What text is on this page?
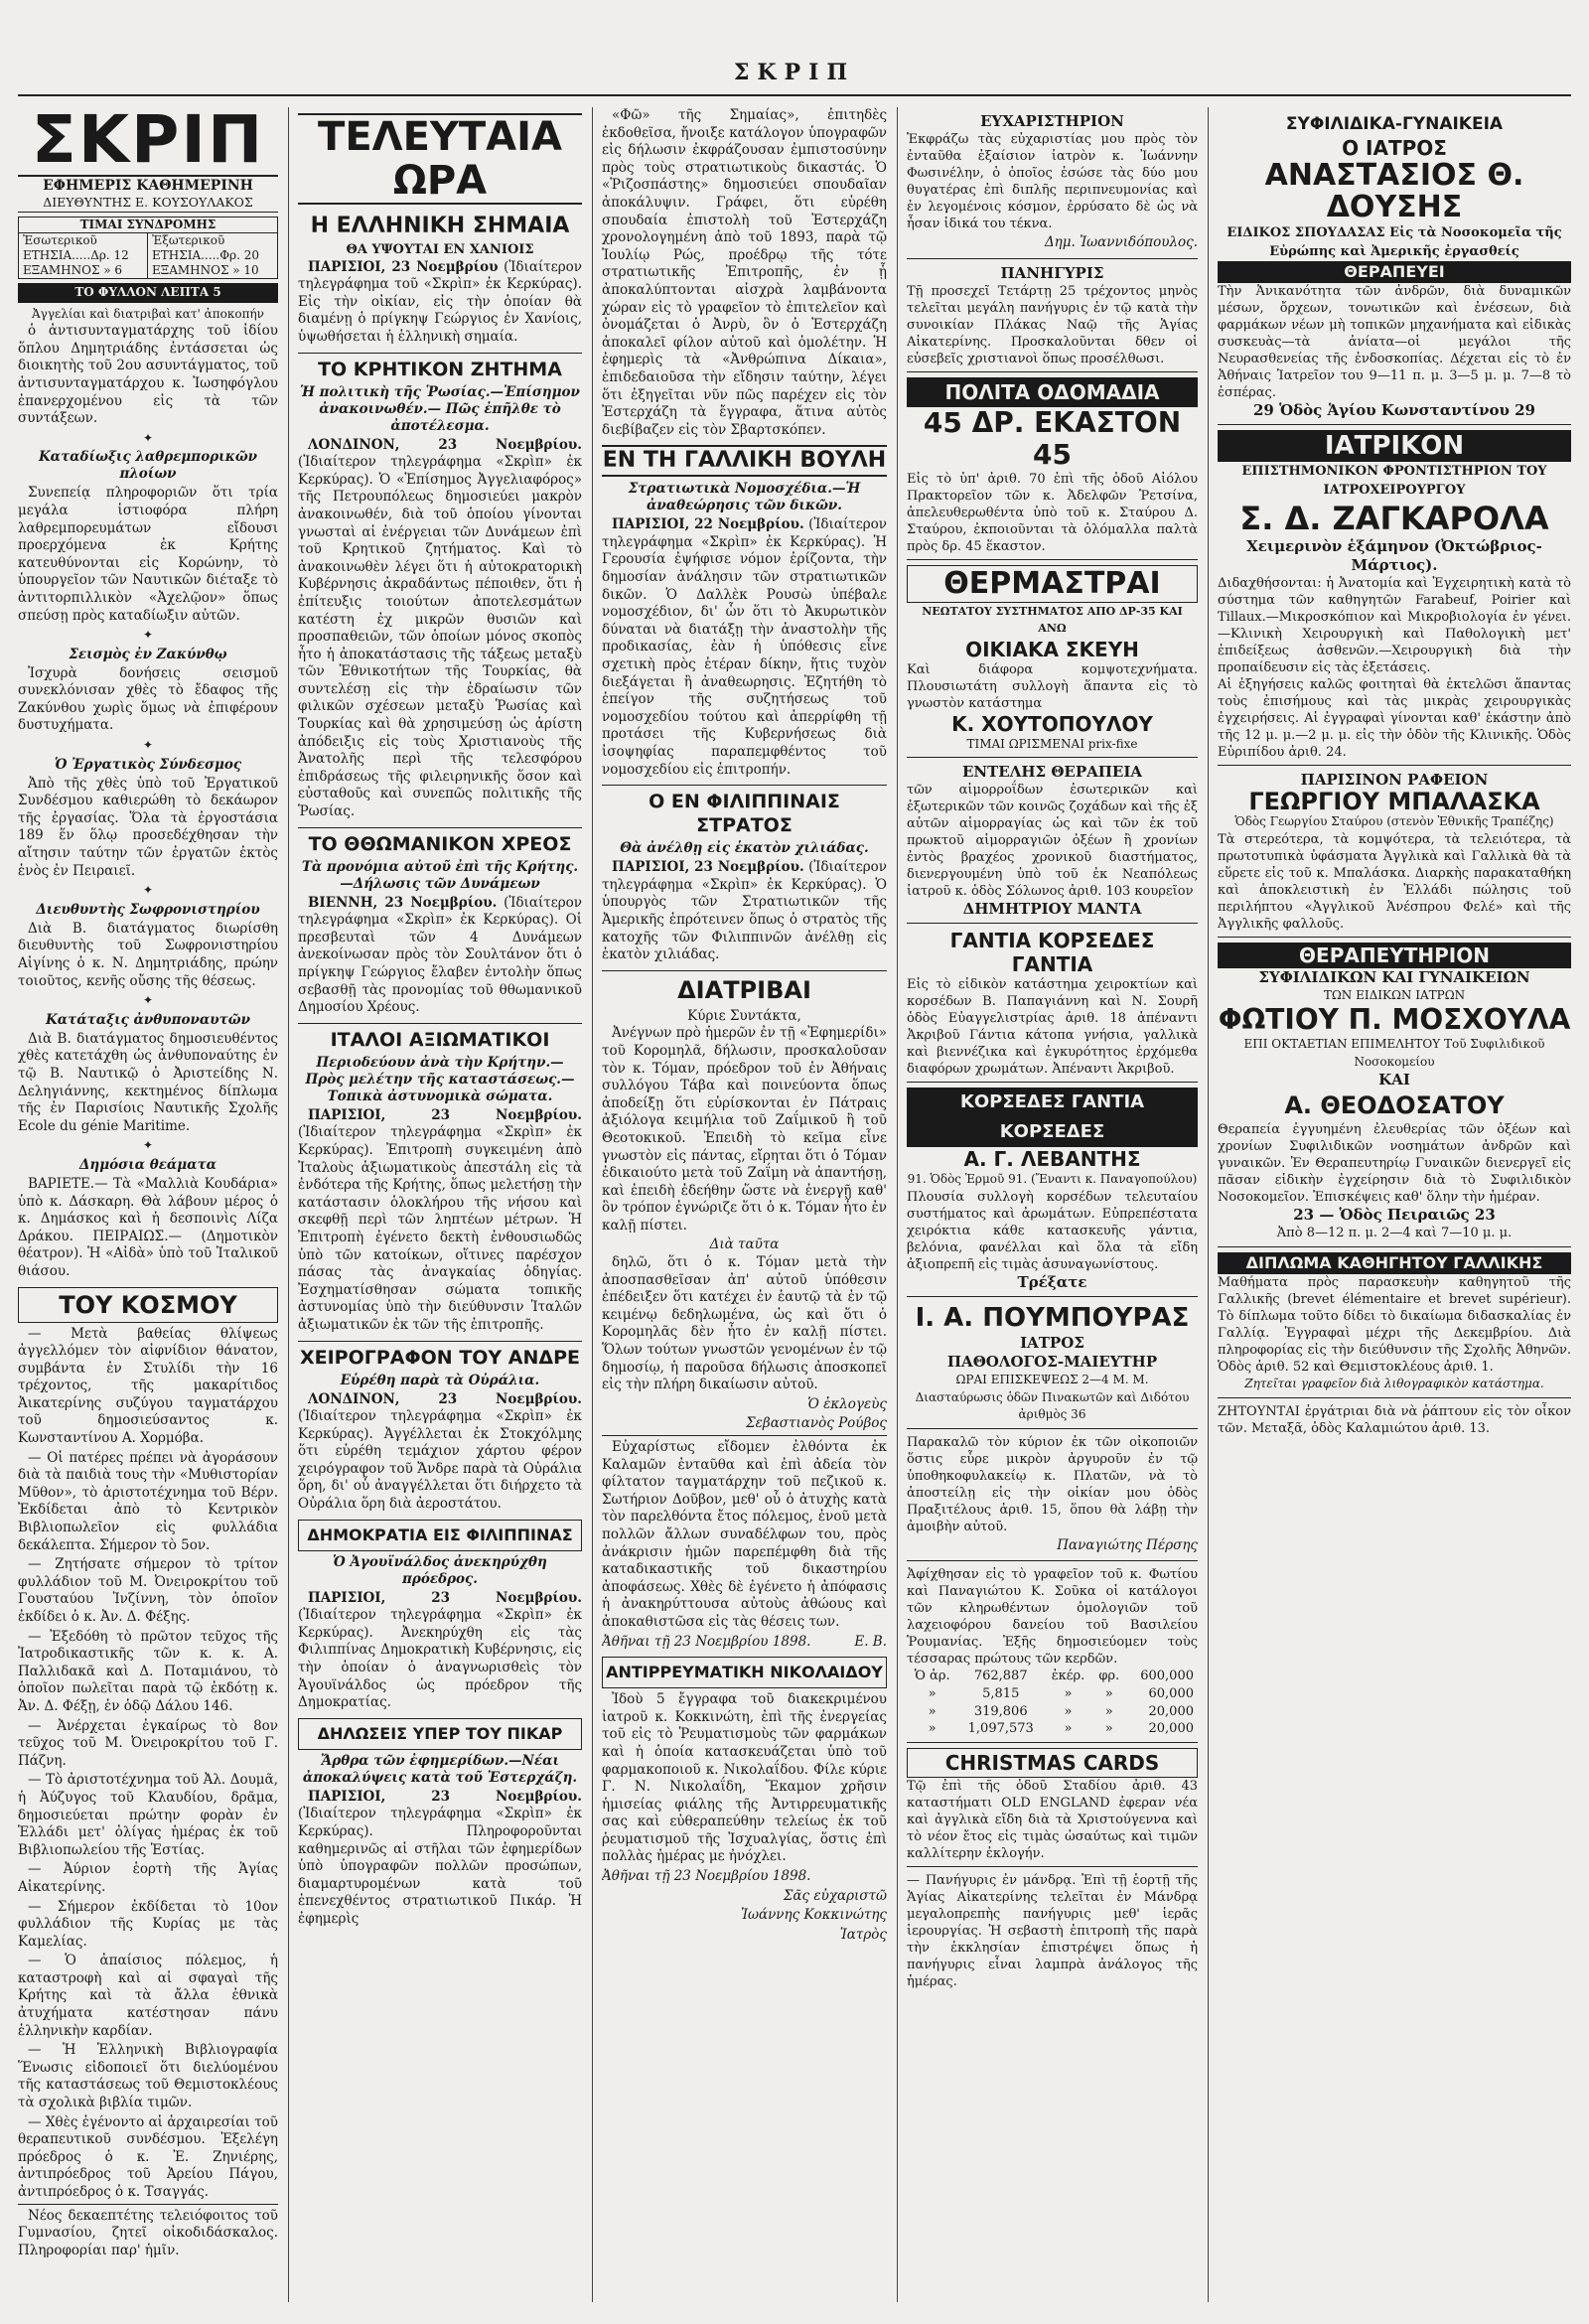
ΣΚΡΙΠ
ΣΚΡΙΠ
ΕΦΗΜΕΡΙΣ ΚΑΘΗΜΕΡΙΝΗ
ΔΙΕΥΘΥΝΤΗΣ Ε. ΚΟΥΣΟΥΛΑΚΟΣ
ΤΙΜΑΙ ΣΥΝΔΡΟΜΗΣ
Ἐσωτερικοῦ	Ἐξωτερικοῦ
ΕΤΗΣΙΑ.....Δρ. 12	ΕΤΗΣΙΑ.....Φρ. 20
ΕΞΑΜΗΝΟΣ » 6	ΕΞΑΜΗΝΟΣ » 10
ΤΟ ΦΥΛΛΟΝ ΛΕΠΤΑ 5
Ἀγγελίαι καὶ διατριβαὶ κατ' ἀποκοπήν

ὁ ἀντισυνταγματάρχης τοῦ ἰδίου ὅπλου Δημητριάδης ἐντάσσεται ὡς διοικητὴς τοῦ 2ου ασυντάγματος, τοῦ ἀντισυνταγματάρχου κ. Ἰωσηφόγλου ἐπανερχομένου εἰς τὰ τῶν συντάξεων.

✦
Καταδίωξις λαθρεμπορικῶν πλοίων

Συνεπείᾳ πληροφοριῶν ὅτι τρία μεγάλα ἱστιοφόρα πλήρη λαθρεμπορευμάτων εἴδουσι προερχόμενα ἐκ Κρήτης κατευθύνονται εἰς Κορώνην, τὸ ὑπουργεῖον τῶν Ναυτικῶν διέταξε τὸ ἀντιτορπιλλικὸν «Ἀχελῷον» ὅπως σπεύσῃ πρὸς καταδίωξιν αὐτῶν.

✦
Σεισμὸς ἐν Ζακύνθῳ

Ἰσχυρὰ δονήσεις σεισμοῦ συνεκλόνισαν χθὲς τὸ ἔδαφος τῆς Ζακύνθου χωρὶς ὅμως νὰ ἐπιφέρουν δυστυχήματα.

✦
Ὁ Ἐργατικὸς Σύνδεσμος

Ἀπὸ τῆς χθὲς ὑπὸ τοῦ Ἐργατικοῦ Συνδέσμου καθιερώθη τὸ δεκάωρον τῆς ἐργασίας. Ὅλα τὰ ἐργοστάσια 189 ἕν ὅλῳ προσεδέχθησαν τὴν αἴτησιν ταύτην τῶν ἐργατῶν ἐκτὸς ἑνὸς ἐν Πειραιεῖ.

✦
Διευθυντὴς Σωφρονιστηρίου

Διὰ Β. διατάγματος διωρίσθη διευθυντὴς τοῦ Σωφρονιστηρίου Αἰγίνης ὁ κ. Ν. Δημητριάδης, πρώην τοιοῦτος, κενῆς οὔσης τῆς θέσεως.

✦
Κατάταξις ἀνθυποναυτῶν

Διὰ Β. διατάγματος δημοσιευθέντος χθὲς κατετάχθη ὡς ἀνθυποναύτης ἐν τῷ Β. Ναυτικῷ ὁ Ἀριστείδης Ν. Δεληγιάννης, κεκτημένος δίπλωμα τῆς ἐν Παρισίοις Ναυτικῆς Σχολῆς Ecole du génie Maritime.

✦
Δημόσια θεάματα

ΒΑΡΙΕΤΕ.— Τὰ «Μαλλιὰ Κουδάρια» ὑπὸ κ. Δάσκαρη. Θὰ λάβουν μέρος ὁ κ. Δημάσκος καὶ ἡ δεσποινὶς Λίζα Δράκου. ΠΕΙΡΑΙΩΣ.— (Δημοτικὸν θέατρον). Ἡ «Αἰδὰ» ὑπὸ τοῦ Ἰταλικοῦ θιάσου.

ΤΟΥ ΚΟΣΜΟΥ

— Μετὰ βαθείας θλίψεως ἀγγελλόμεν τὸν αἰφνίδιον θάνατον, συμβάντα ἐν Στυλίδι τὴν 16 τρέχοντος, τῆς μακαρίτιδος Ἀικατερίνης συζύγου ταγματάρχου τοῦ δημοσιεύσαντος κ. Κωνσταντίνου Α. Χορμόβα.

— Οἱ πατέρες πρέπει νὰ ἀγοράσουν διὰ τὰ παιδιὰ τους τὴν «Μυθιστορίαν Μῦθον», τὸ ἀριστοτέχνημα τοῦ Βέρν. Ἐκδίδεται ἀπὸ τὸ Κεντρικὸν Βιβλιοπωλεῖον εἰς φυλλάδια δεκάλεπτα. Σήμερον τὸ 5ον.

— Ζητήσατε σήμερον τὸ τρίτον φυλλάδιον τοῦ Μ. Ὀνειροκρίτου τοῦ Γουσταύου Ἰνζίννη, τὸν ὁποῖον ἐκδίδει ὁ κ. Ἀν. Δ. Φέξης.

— Ἐξεδόθη τὸ πρῶτον τεῦχος τῆς Ἰατροδικαστικῆς τῶν κ. κ. Α. Παλλιδακᾶ καὶ Δ. Ποταμιάνου, τὸ ὁποῖον πωλεῖται παρὰ τῷ ἐκδότῃ κ. Ἀν. Δ. Φέξῃ, ἐν ὁδῷ Δάλου 146.

— Ἀνέρχεται ἐγκαίρως τὸ 8ον τεῦχος τοῦ Μ. Ὀνειροκρίτου τοῦ Γ. Πάζνη.

— Τὸ ἀριστοτέχνημα τοῦ Ἀλ. Δουμᾶ, ἡ Ἀύζυγος τοῦ Κλαυδίου, δρᾶμα, δημοσιεύεται πρώτην φορὰν ἐν Ἑλλάδι μετ' ὀλίγας ἡμέρας ἐκ τοῦ Βιβλιοπωλείου τῆς Ἑστίας.

— Ἀύριον ἑορτὴ τῆς Ἁγίας Αἰκατερίνης.

— Σήμερον ἐκδίδεται τὸ 10ον φυλλάδιον τῆς Κυρίας με τὰς Καμελίας.

— Ὁ ἀπαίσιος πόλεμος, ἡ καταστροφὴ καὶ αἱ σφαγαὶ τῆς Κρήτης καὶ τὰ ἄλλα ἐθνικὰ ἀτυχήματα κατέστησαν πάνυ ἑλληνικὴν καρδίαν.

— Ἡ Ἑλληνικὴ Βιβλιογραφία Ἕνωσις εἰδοποιεῖ ὅτι διελύομένου τῆς καταστάσεως τοῦ Θεμιστοκλέους τὰ σχολικὰ βιβλία τιμῶν.

— Χθὲς ἐγένοντο αἱ ἀρχαιρεσίαι τοῦ θεραπευτικοῦ συνδέσμου. Ἐξελέγη πρόεδρος ὁ κ. Ἐ. Ζηνιέρης, ἀντιπρόεδρος τοῦ Ἀρείου Πάγου, ἀντιπρόεδρος ὁ κ. Τσαγγάς.

Νέος δεκαεπτέτης τελειόφοιτος τοῦ Γυμνασίου, ζητεῖ οἰκοδιδάσκαλος. Πληροφορίαι παρ' ἡμῖν.

ΤΕΛΕΥΤΑΙΑ ΩΡΑ
Η ΕΛΛΗΝΙΚΗ ΣΗΜΑΙΑ
ΘΑ ΥΨΟΥΤΑΙ ΕΝ ΧΑΝΙΟΙΣ

ΠΑΡΙΣΙΟΙ, 23 Νοεμβρίου (Ἰδιαίτερον τηλεγράφημα τοῦ «Σκρὶπ» ἐκ Κερκύρας). Εἰς τὴν οἰκίαν, εἰς τὴν ὁποίαν θὰ διαμένῃ ὁ πρίγκηψ Γεώργιος ἐν Χανίοις, ὑψωθήσεται ἡ ἑλληνικὴ σημαία.

ΤΟ ΚΡΗΤΙΚΟΝ ΖΗΤΗΜΑ
Ἡ πολιτικὴ τῆς Ῥωσίας.—Ἐπίσημον ἀνακοινωθέν.— Πῶς ἐπῆλθε τὸ ἀποτέλεσμα.

ΛΟΝΔΙΝΟΝ, 23 Νοεμβρίου. (Ἰδιαίτερον τηλεγράφημα «Σκρὶπ» ἐκ Κερκύρας). Ὁ «Ἐπίσημος Ἀγγελιαφόρος» τῆς Πετρουπόλεως δημοσιεύει μακρὸν ἀνακοινωθέν, διὰ τοῦ ὁποίου γίνονται γνωσταὶ αἱ ἐνέργειαι τῶν Δυνάμεων ἐπὶ τοῦ Κρητικοῦ ζητήματος. Καὶ τὸ ἀνακοινωθὲν λέγει ὅτι ἡ αὐτοκρατορικὴ Κυβέρνησις ἀκραδάντως πέποιθεν, ὅτι ἡ ἐπίτευξις τοιούτων ἀποτελεσμάτων κατέστη ἐχ μικρῶν θυσιῶν καὶ προσπαθειῶν, τῶν ὁποίων μόνος σκοπὸς ἦτο ἡ ἀποκατάστασις τῆς τάξεως μεταξὺ τῶν Ἐθνικοτήτων τῆς Τουρκίας, θὰ συντελέσῃ εἰς τὴν ἑδραίωσιν τῶν φιλικῶν σχέσεων μεταξὺ Ῥωσίας καὶ Τουρκίας καὶ θὰ χρησιμεύσῃ ὡς ἀρίστη ἀπόδειξις εἰς τοὺς Χριστιανοὺς τῆς Ἀνατολῆς περὶ τῆς τελεσφόρου ἐπιδράσεως τῆς φιλειρηνικῆς ὅσον καὶ εὐσταθοῦς καὶ συνεπῶς πολιτικῆς τῆς Ῥωσίας.

ΤΟ ΘΘΩΜΑΝΙΚΟΝ ΧΡΕΟΣ
Τὰ προνόμια αὐτοῦ ἐπὶ τῆς Κρήτης.—Δήλωσις τῶν Δυνάμεων

ΒΙΕΝΝΗ, 23 Νοεμβρίου. (Ἰδιαίτερον τηλεγράφημα «Σκρὶπ» ἐκ Κερκύρας). Οἱ πρεσβευταὶ τῶν 4 Δυνάμεων ἀνεκοίνωσαν πρὸς τὸν Σουλτάνον ὅτι ὁ πρίγκηψ Γεώργιος ἔλαβεν ἐντολὴν ὅπως σεβασθῇ τὰς προνομίας τοῦ θθωμανικοῦ Δημοσίου Χρέους.

ΙΤΑΛΟΙ ΑΞΙΩΜΑΤΙΚΟΙ
Περιοδεύουν ἀνὰ τὴν Κρήτην.—Πρὸς μελέτην τῆς καταστάσεως.—Τοπικὰ ἀστυνομικὰ σώματα.

ΠΑΡΙΣΙΟΙ, 23 Νοεμβρίου. (Ἰδιαίτερον τηλεγράφημα «Σκρὶπ» ἐκ Κερκύρας). Ἐπιτροπὴ συγκειμένη ἀπὸ Ἰταλοὺς ἀξιωματικοὺς ἀπεστάλη εἰς τὰ ἐνδότερα τῆς Κρήτης, ὅπως μελετήσῃ τὴν κατάστασιν ὁλοκλήρου τῆς νήσου καὶ σκεφθῇ περὶ τῶν ληπτέων μέτρων. Ἡ Ἐπιτροπὴ ἐγένετο δεκτὴ ἐνθουσιωδῶς ὑπὸ τῶν κατοίκων, οἵτινες παρέσχον πάσας τὰς ἀναγκαίας ὁδηγίας. Ἐσχηματίσθησαν σώματα τοπικῆς ἀστυνομίας ὑπὸ τὴν διεύθυνσιν Ἰταλῶν ἀξιωματικῶν ἐκ τῶν τῆς ἐπιτροπῆς.

ΧΕΙΡΟΓΡΑΦΟΝ ΤΟΥ ΑΝΔΡΕ
Εὑρέθη παρὰ τὰ Οὐράλια.

ΛΟΝΔΙΝΟΝ, 23 Νοεμβρίου. (Ἰδιαίτερον τηλεγράφημα «Σκρὶπ» ἐκ Κερκύρας). Ἀγγέλλεται ἐκ Στοκχόλμης ὅτι εὑρέθη τεμάχιον χάρτου φέρον χειρόγραφον τοῦ Ἄνδρε παρὰ τὰ Οὐράλια ὅρη, δι' οὗ ἀναγγέλλεται ὅτι διήρχετο τὰ Οὐράλια ὅρη διὰ ἀεροστάτου.

ΔΗΜΟΚΡΑΤΙΑ ΕΙΣ ΦΙΛΙΠΠΙΝΑΣ
Ὁ Ἀγουϊνάλδος ἀνεκηρύχθη πρόεδρος.

ΠΑΡΙΣΙΟΙ, 23 Νοεμβρίου. (Ἰδιαίτερον τηλεγράφημα «Σκρὶπ» ἐκ Κερκύρας). Ἀνεκηρύχθη εἰς τὰς Φιλιππίνας Δημοκρατικὴ Κυβέρνησις, εἰς τὴν ὁποίαν ὁ ἀναγνωρισθεὶς τὸν Ἀγουϊνάλδος ὡς πρόεδρον τῆς Δημοκρατίας.

ΔΗΛΩΣΕΙΣ ΥΠΕΡ ΤΟΥ ΠΙΚΑΡ
Ἄρθρα τῶν ἐφημερίδων.—Νέαι ἀποκαλύψεις κατὰ τοῦ Ἐστερχάζη.

ΠΑΡΙΣΙΟΙ, 23 Νοεμβρίου. (Ἰδιαίτερον τηλεγράφημα «Σκρὶπ» ἐκ Κερκύρας). Πληροφοροῦνται καθημερινῶς αἱ στῆλαι τῶν ἐφημερίδων ὑπὸ ὑπογραφῶν πολλῶν προσώπων, διαμαρτυρομένων κατὰ τοῦ ἐπενεχθέντος στρατιωτικοῦ Πικάρ. Ἡ ἐφημερὶς

«Φῶ» τῆς Σημαίας», ἐπιτηδὲς ἐκδοθεῖσα, ἤνοιξε κατάλογον ὑπογραφῶν εἰς δήλωσιν ἐκφράζουσαν ἐμπιστοσύνην πρὸς τοὺς στρατιωτικοὺς δικαστάς. Ὁ «Ῥιζοσπάστης» δημοσιεύει σπουδαῖαν ἀποκάλυψιν. Γράφει, ὅτι εὑρέθη σπουδαία ἐπιστολὴ τοῦ Ἐστερχάζη χρονολογημένη ἀπὸ τοῦ 1893, παρὰ τῷ Ἰουλίῳ Ρώς, προέδρῳ τῆς τότε στρατιωτικῆς Ἐπιτροπῆς, ἐν ᾗ ἀποκαλύπτονται αἰσχρὰ λαμβάνοντα χώραν εἰς τὸ γραφεῖον τὸ ἐπιτελεῖον καὶ ὀνομάζεται ὁ Ἀνρὺ, ὃν ὁ Ἐστερχάζη ἀποκαλεῖ φίλον αὐτοῦ καὶ ὁμολέτην. Ἡ ἐφημερὶς τὰ «Ἀνθρώπινα Δίκαια», ἐπιδεδαιοῦσα τὴν εἴδησιν ταύτην, λέγει ὅτι ἐξηγεῖται νῦν πῶς παρέχεν εἰς τὸν Ἐστερχάζη τὰ ἔγγραφα, ἅτινα αὐτὸς διεβίβαζεν εἰς τὸν Σβαρτσκόπεν.

ΕΝ ΤΗ ΓΑΛΛΙΚΗ ΒΟΥΛΗ
Στρατιωτικὰ Νομοσχέδια.—Ἡ ἀναθεώρησις τῶν δικῶν.

ΠΑΡΙΣΙΟΙ, 22 Νοεμβρίου. (Ἰδιαίτερον τηλεγράφημα «Σκρὶπ» ἐκ Κερκύρας). Ἡ Γερουσία ἐψήφισε νόμον ἐρίζοντα, τὴν δημοσίαν ἀνάλησιν τῶν στρατιωτικῶν δικῶν. Ὁ Δαλλὲκ Ρουσὼ ὑπέβαλε νομοσχέδιον, δι' ὧν ὅτι τὸ Ἀκυρωτικὸν δύναται νὰ διατάξῃ τὴν ἀναστολὴν τῆς προδικασίας, ἐὰν ἡ ὑπόθεσις εἶνε σχετικὴ πρὸς ἑτέραν δίκην, ἥτις τυχὸν διεξάγεται ἢ ἀναθεωρησις. Ἐζητήθη τὸ ἐπείγον τῆς συζητήσεως τοῦ νομοσχεδίου τούτου καὶ ἀπερρίφθη τῇ προτάσει τῆς Κυβερνήσεως διὰ ἰσοψηφίας παραπεμφθέντος τοῦ νομοσχεδίου εἰς ἐπιτροπήν.

Ο ΕΝ ΦΙΛΙΠΠΙΝΑΙΣ ΣΤΡΑΤΟΣ
Θὰ ἀνέλθῃ εἰς ἑκατὸν χιλιάδας.

ΠΑΡΙΣΙΟΙ, 23 Νοεμβρίου. (Ἰδιαίτερον τηλεγράφημα «Σκρὶπ» ἐκ Κερκύρας). Ὁ ὑπουργὸς τῶν Στρατιωτικῶν τῆς Ἀμερικῆς ἐπρότεινεν ὅπως ὁ στρατὸς τῆς κατοχῆς τῶν Φιλιππινῶν ἀνέλθῃ εἰς ἑκατὸν χιλιάδας.

ΔΙΑΤΡΙΒΑΙ
Κύριε Συντάκτα,

Ἀνέγνων πρὸ ἡμερῶν ἐν τῇ «Ἐφημερίδι» τοῦ Κορομηλᾶ, δήλωσιν, προσκαλοῦσαν τὸν κ. Τόμαν, πρόεδρον τοῦ ἐν Ἀθήναις συλλόγου Τάβα καὶ ποινεύοντα ὅπως ἀποδείξῃ ὅτι εὑρίσκονται ἐν Πάτραις ἀξιόλογα κειμήλια τοῦ Ζαΐμικοῦ ἢ τοῦ Θεοτοκικοῦ. Ἐπειδὴ τὸ κεῖμα εἶνε γνωστὸν εἰς πάντας, εἴρηται ὅτι ὁ Τόμαν ἐδικαιούτο μετὰ τοῦ Ζαΐμη νὰ ἀπαντήσῃ, καὶ ἐπειδὴ ἐδεήθην ὥστε νὰ ἐνεργῇ καθ' ὃν τρόπον ἐγνώριζε ὅτι ὁ κ. Τόμαν ἦτο ἐν καλῇ πίστει.

Διὰ ταῦτα

δηλῶ, ὅτι ὁ κ. Τόμαν μετὰ τὴν ἀποσπασθεῖσαν ἀπ' αὐτοῦ ὑπόθεσιν ἐπέδειξεν ὅτι κατέχει ἐν ἑαυτῷ τὰ ἐν τῷ κειμένῳ δεδηλωμένα, ὡς καὶ ὅτι ὁ Κορομηλᾶς δὲν ἦτο ἐν καλῇ πίστει. Ὅλων τούτων γνωστῶν γενομένων ἐν τῷ δημοσίῳ, ἡ παροῦσα δήλωσις ἀποσκοπεῖ εἰς τὴν πλήρη δικαίωσιν αὐτοῦ.

Ὁ ἐκλογεὺς
Σεβαστιανὸς Ρούβος

Εὐχαρίστως εἴδομεν ἐλθόντα ἐκ Καλαμῶν ἐνταῦθα καὶ ἐπὶ ἀδεία τὸν φίλτατον ταγματάρχην τοῦ πεζικοῦ κ. Σωτήριον Δοῦβον, μεθ' οὗ ὁ ἀτυχὴς κατὰ τὸν παρελθόντα ἔτος πόλεμος, ἐνοῦ μετὰ πολλῶν ἄλλων συναδέλφων του, πρὸς ἀνάκρισιν ἡμῶν παρεπέμφθη διὰ τῆς καταδικαστικῆς τοῦ δικαστηρίου ἀποφάσεως. Χθὲς δὲ ἐγένετο ἡ ἀπόφασις ἡ ἀνακηρύττουσα αὐτοὺς ἀθώους καὶ ἀποκαθιστῶσα εἰς τὰς θέσεις των.

Ἀθῆναι τῇ 23 Νοεμβρίου 1898.	Ε. Β.
ΑΝΤΙΡΡΕΥΜΑΤΙΚΗ ΝΙΚΟΛΑΙΔΟΥ

Ἰδοὺ 5 ἔγγραφα τοῦ διακεκριμένου ἰατροῦ κ. Κοκκινώτη, ἐπὶ τῆς ἐνεργείας τοῦ εἰς τὸ Ῥευματισμοὺς τῶν φαρμάκων καὶ ἡ ὁποία κατασκευάζεται ὑπὸ τοῦ φαρμακοποιοῦ κ. Νικολαΐδου. Φίλε κύριε Γ. Ν. Νικολαΐδη, Ἔκαμον χρῆσιν ἡμισείας φιάλης τῆς Ἀντιρρευματικῆς σας καὶ εὐθεραπεύθην τελείως ἐκ τοῦ ῥευματισμοῦ τῆς Ἰσχυαλγίας, ὅστις ἐπὶ πολλὰς ἡμέρας με ἠνόχλει.

Ἀθῆναι τῇ 23 Νοεμβρίου 1898.
Σᾶς εὐχαριστῶ
Ἰωάννης Κοκκινώτης
Ἰατρὸς
ΕΥΧΑΡΙΣΤΗΡΙΟΝ
Ἐκφράζω τὰς εὐχαριστίας μου πρὸς τὸν ἐνταῦθα ἐξαίσιον ἰατρὸν κ. Ἰωάννην Φωσινέλην, ὁ ὁποῖος ἐσώσε τὰς δύο μου θυγατέρας ἐπὶ διπλῆς περιπνευμονίας καὶ ἐν λεγομένοις κόσμον, ἐρρύσατο δὲ ὡς νὰ ἦσαν ἰδικά του τέκνα.
Δημ. Ἰωαννιδόπουλος.
ΠΑΝΗΓΥΡΙΣ
Τῇ προσεχεῖ Τετάρτῃ 25 τρέχοντος μηνὸς τελεῖται μεγάλη πανήγυρις ἐν τῷ κατὰ τὴν συνοικίαν Πλάκας Ναῷ τῆς Ἁγίας Αἰκατερίνης. Προσκαλοῦνται δθεν οἱ εὐσεβεῖς χριστιανοὶ ὅπως προσέλθωσι.
ΠΟΛΙΤΑ ΟΔΟΜΑΔΙΑ
45 ΔΡ. ΕΚΑΣΤΟΝ 45
Εἰς τὸ ὑπ' ἀριθ. 70 ἐπὶ τῆς ὁδοῦ Αἰόλου Πρακτορεῖον τῶν κ. Ἀδελφῶν Ῥετσίνα, ἀπελευθερωθέντα ὑπὸ τοῦ κ. Σταύρου Δ. Σταύρου, ἐκποιοῦνται τὰ ὁλόμαλλα παλτὰ πρὸς δρ. 45 ἕκαστον.
ΘΕΡΜΑΣΤΡΑΙ
ΝΕΩΤΑΤΟΥ ΣΥΣΤΗΜΑΤΟΣ ΑΠΟ ΔΡ-35 ΚΑΙ ΑΝΩ
ΟΙΚΙΑΚΑ ΣΚΕΥΗ
Καὶ διάφορα κομψοτεχνήματα. Πλουσιωτάτη συλλογὴ ἅπαντα εἰς τὸ γνωστὸν κατάστημα
Κ. ΧΟΥΤΟΠΟΥΛΟΥ
ΤΙΜΑΙ ΩΡΙΣΜΕΝΑΙ prix-fixe
ΕΝΤΕΛΗΣ ΘΕΡΑΠΕΙΑ
τῶν αἱμορροΐδων ἐσωτερικῶν καὶ ἐξωτερικῶν τῶν κοινῶς ζοχάδων καὶ τῆς ἐξ αὐτῶν αἱμορραγίας ὡς καὶ τῶν ἐκ τοῦ πρωκτοῦ αἱμορραγιῶν ὀξέων ἢ χρονίων ἐντὸς βραχέος χρονικοῦ διαστήματος, διενεργουμένη ὑπὸ τοῦ ἐκ Νεαπόλεως ἰατροῦ κ. ὁδὸς Σόλωνος ἀριθ. 103 κουρεῖον
ΔΗΜΗΤΡΙΟΥ ΜΑΝΤΑ
ΓΑΝΤΙΑ ΚΟΡΣΕΔΕΣ ΓΑΝΤΙΑ
Εἰς τὸ εἰδικὸν κατάστημα χειροκτίων καὶ κορσέδων Β. Παπαγιάννη καὶ Ν. Σουρῆ ὁδὸς Εὐαγγελιστρίας ἀριθ. 18 ἀπέναντι Ἀκριβοῦ Γάντια κάτοπα γνήσια, γαλλικὰ καὶ βιεννέζικα καὶ ἐγκυρότητος ἐρχόμεθα διαφόρων χρωμάτων. Ἀπέναντι Ἀκριβοῦ.
ΚΟΡΣΕΔΕΣ ΓΑΝΤΙΑ ΚΟΡΣΕΔΕΣ
Α. Γ. ΛΕΒΑΝΤΗΣ
91. Ὁδὸς Ἑρμοῦ 91. (Ἔναντι κ. Παναγοπούλου)
Πλουσία συλλογὴ κορσέδων τελευταίου συστήματος καὶ ἀρωμάτων. Εὐπρεπέστατα χειρόκτια κάθε κατασκευῆς γάντια, βελόνια, φανέλλαι καὶ ὅλα τὰ εἴδη ἀξιοπρεπῆ εἰς τιμὰς ἀσυναγωνίστους.
Τρέξατε
Ι. Α. ΠΟΥΜΠΟΥΡΑΣ
ΙΑΤΡΟΣ
ΠΑΘΟΛΟΓΟΣ-ΜΑΙΕΥΤΗΡ
ΩΡΑΙ ΕΠΙΣΚΕΨΕΩΣ 2—4 Μ. Μ.
Διασταύρωσις ὁδῶν Πινακωτῶν καὶ Διδότου ἀριθμὸς 36
Παρακαλῶ τὸν κύριον ἐκ τῶν οἰκοποιῶν ὅστις εὗρε μικρὸν ἀργυροῦν ἐν τῷ ὑποθηκοφυλακείῳ κ. Πλατῶν, νὰ τὸ ἀποστείλῃ εἰς τὴν οἰκίαν μου ὁδὸς Πραξιτέλους ἀριθ. 15, ὅπου θὰ λάβῃ τὴν ἀμοιβὴν αὐτοῦ.
Παναγιώτης Πέρσης
Ἀφίχθησαν εἰς τὸ γραφεῖον τοῦ κ. Φωτίου καὶ Παναγιώτου Κ. Σοῦκα οἱ κατάλογοι τῶν κληρωθέντων ὁμολογιῶν τοῦ λαχειοφόρου δανείου τοῦ Βασιλείου Ῥουμανίας. Ἐξῆς δημοσιεύομεν τοὺς τέσσαρας πρώτους τῶν κερδῶν.
Ὁ ἀρ.	762,887	ἐκέρ.	φρ.	600,000
»	5,815	»	»	60,000
»	319,806	»	»	20,000
»	1,097,573	»	»	20,000
CHRISTMAS CARDS
Τῷ ἐπὶ τῆς ὁδοῦ Σταδίου ἀριθ. 43 καταστήματι OLD ENGLAND ἐφεραν νέα καὶ ἀγγλικὰ εἴδη διὰ τὰ Χριστούγεννα καὶ τὸ νέον ἔτος εἰς τιμὰς ὡσαύτως καὶ τιμῶν καλλίτερην ἐκλογήν.
— Πανήγυρις ἐν μάνδρᾳ. Ἐπὶ τῇ ἑορτῇ τῆς Ἁγίας Αἰκατερίνης τελεῖται ἐν Μάνδρᾳ μεγαλοπρεπὴς πανήγυρις μεθ' ἱερᾶς ἱερουργίας. Ἡ σεβαστὴ ἐπιτροπὴ τῆς παρὰ τὴν ἐκκλησίαν ἐπιστρέψει ὅπως ἡ πανήγυρις εἶναι λαμπρὰ ἀνάλογος τῆς ἡμέρας.
ΣΥΦΙΛΙΔΙΚΑ-ΓΥΝΑΙΚΕΙΑ
Ο ΙΑΤΡΟΣ
ΑΝΑΣΤΑΣΙΟΣ Θ. ΔΟΥΣΗΣ
ΕΙΔΙΚΟΣ ΣΠΟΥΔΑΣΑΣ Εἰς τὰ Νοσοκομεῖα τῆς Εὐρώπης καὶ Ἀμερικῆς ἐργασθείς
ΘΕΡΑΠΕΥΕΙ
Τὴν Ἀνικανότητα τῶν ἀνδρῶν, διὰ δυναμικῶν μέσων, ὄρχεων, τονωτικῶν καὶ ἐνέσεων, διὰ φαρμάκων νέων μὴ τοπικῶν μηχανήματα καὶ εἰδικὰς συσκευὰς—τὰ ἀνίατα—οἱ μεγάλοι τῆς Νευρασθενείας τῆς ἐνδοσκοπίας. Δέχεται εἰς τὸ ἐν Ἀθήναις Ἰατρεῖον του 9—11 π. μ. 3—5 μ. μ. 7—8 τὸ ἑσπέρας.
29 Ὁδὸς Ἁγίου Κωνσταντίνου 29
ΙΑΤΡΙΚΟΝ
ΕΠΙΣΤΗΜΟΝΙΚΟΝ ΦΡΟΝΤΙΣΤΗΡΙΟΝ ΤΟΥ ΙΑΤΡΟΧΕΙΡΟΥΡΓΟΥ
Σ. Δ. ΖΑΓΚΑΡΟΛΑ
Χειμερινὸν ἑξάμηνον (Ὀκτώβριος-Μάρτιος).
Διδαχθήσονται: ἡ Ἀνατομία καὶ Ἐγχειρητικὴ κατὰ τὸ σύστημα τῶν καθηγητῶν Farabeuf, Poirier καὶ Tillaux.—Μικροσκόπιον καὶ Μικροβιολογία ἐν γένει.—Κλινικὴ Χειρουργικὴ καὶ Παθολογικὴ μετ' ἐπιδείξεως ἀσθενῶν.—Χειρουργικὴ διὰ τὴν προπαίδευσιν εἰς τὰς ἐξετάσεις.
Αἱ ἐξηγήσεις καλῶς φοιτηταὶ θὰ ἐκτελῶσι ἅπαντας τοὺς ἐπισήμους καὶ τὰς μικρὰς χειρουργικὰς ἐγχειρήσεις. Αἱ ἐγγραφαὶ γίνονται καθ' ἑκάστην ἀπὸ τῆς 12 μ. μ.—2 μ. μ. εἰς τὴν ὁδὸν τῆς Κλινικῆς. Ὁδὸς Εὐριπίδου ἀριθ. 24.
ΠΑΡΙΣΙΝΟΝ ΡΑΦΕΙΟΝ
ΓΕΩΡΓΙΟΥ ΜΠΑΛΑΣΚΑ
Ὁδὸς Γεωργίου Σταύρου (στενὸν Ἐθνικῆς Τραπέζης)
Τὰ στερεότερα, τὰ κομψότερα, τὰ τελειότερα, τὰ πρωτοτυπικὰ ὑφάσματα Ἀγγλικὰ καὶ Γαλλικὰ θὰ τὰ εὕρετε εἰς τοῦ κ. Μπαλάσκα. Διαρκὴς παρακαταθήκη καὶ ἀποκλειστικὴ ἐν Ἑλλάδι πώλησις τοῦ περιλήπτου «Ἀγγλικοῦ Ἀνέσπρου Φελέ» καὶ τῆς Ἀγγλικῆς φαλλοῦς.
ΘΕΡΑΠΕΥΤΗΡΙΟΝ
ΣΥΦΙΛΙΔΙΚΩΝ ΚΑΙ ΓΥΝΑΙΚΕΙΩΝ
ΤΩΝ ΕΙΔΙΚΩΝ ΙΑΤΡΩΝ
ΦΩΤΙΟΥ Π. ΜΟΣΧΟΥΛΑ
ΕΠΙ ΟΚΤΑΕΤΙΑΝ ΕΠΙΜΕΛΗΤΟΥ Τοῦ Συφιλιδικοῦ Νοσοκομείου
ΚΑΙ
Α. ΘΕΟΔΟΣΑΤΟΥ
Θεραπεία ἐγγυημένη ἐλευθερίας τῶν ὀξέων καὶ χρονίων Συφιλιδικῶν νοσημάτων ἀνδρῶν καὶ γυναικῶν. Ἐν Θεραπευτηρίῳ Γυναικῶν διενεργεῖ εἰς πᾶσαν εἰδικὴν ἐγχείρησιν διὰ τὸ Συφιλιδικὸν Νοσοκομεῖον. Ἐπισκέψεις καθ' ὅλην τὴν ἡμέραν.
23 — Ὁδὸς Πειραιῶς 23
Ἀπὸ 8—12 π. μ. 2—4 καὶ 7—10 μ. μ.
ΔΙΠΛΩΜΑ ΚΑΘΗΓΗΤΟΥ ΓΑΛΛΙΚΗΣ
Μαθήματα πρὸς παρασκευὴν καθηγητοῦ τῆς Γαλλικῆς (brevet élémentaire et brevet supérieur). Τὸ δίπλωμα τοῦτο δίδει τὸ δικαίωμα διδασκαλίας ἐν Γαλλίᾳ. Ἐγγραφαὶ μέχρι τῆς Δεκεμβρίου. Διὰ πληροφορίας εἰς τὴν διεύθυνσιν τῆς Σχολῆς Ἀθηνῶν. Ὁδὸς ἀριθ. 52 καὶ Θεμιστοκλέους ἀριθ. 1.
Ζητεῖται γραφεῖον διὰ λιθογραφικὸν κατάστημα.
ΖΗΤΟΥΝΤΑΙ ἐργάτριαι διὰ νὰ ῥάπτουν εἰς τὸν οἶκον τῶν. Μεταξᾶ, ὁδὸς Καλαμιώτου ἀριθ. 13.
